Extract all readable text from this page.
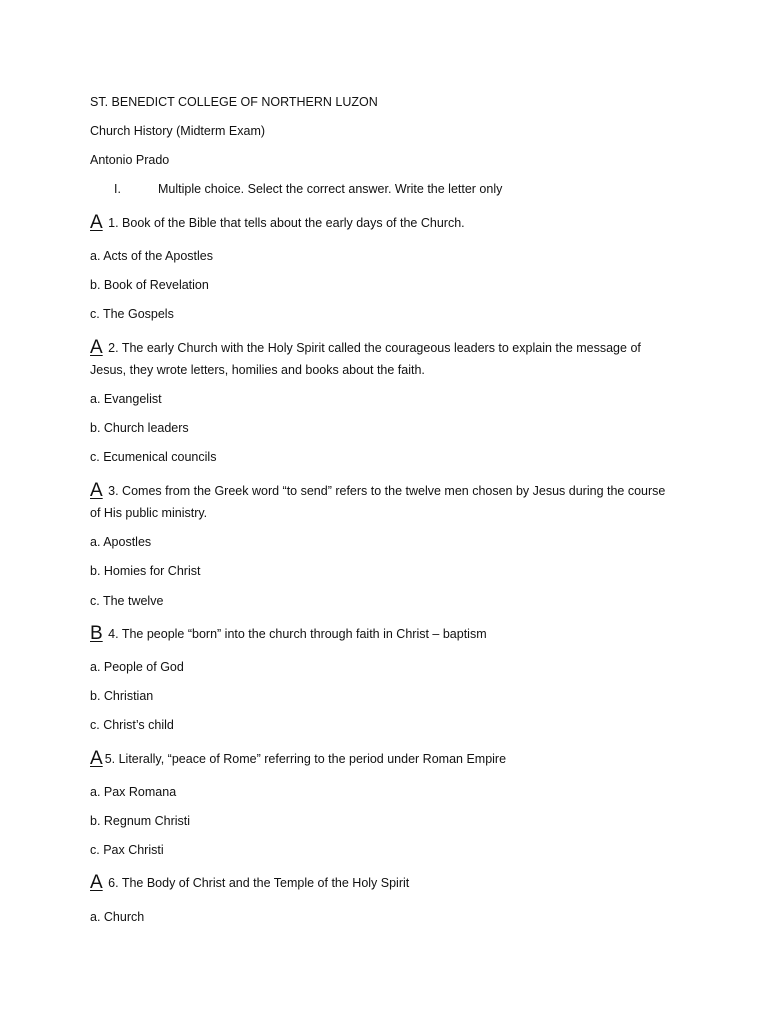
ST. BENEDICT COLLEGE OF NORTHERN LUZON
Church History (Midterm Exam)
Antonio Prado
I.	Multiple choice. Select the correct answer. Write the letter only
A 1. Book of the Bible that tells about the early days of the Church.
a. Acts of the Apostles
b. Book of Revelation
c. The Gospels
A 2. The early Church with the Holy Spirit called the courageous leaders to explain the message of
Jesus, they wrote letters, homilies and books about the faith.
a. Evangelist
b. Church leaders
c. Ecumenical councils
A 3. Comes from the Greek word “to send” refers to the twelve men chosen by Jesus during the course
of His public ministry.
a. Apostles
b. Homies for Christ
c. The twelve
B 4. The people “born” into the church through faith in Christ – baptism
a. People of God
b. Christian
c. Christ’s child
A 5. Literally, “peace of Rome” referring to the period under Roman Empire
a. Pax Romana
b. Regnum Christi
c. Pax Christi
A 6. The Body of Christ and the Temple of the Holy Spirit
a. Church
